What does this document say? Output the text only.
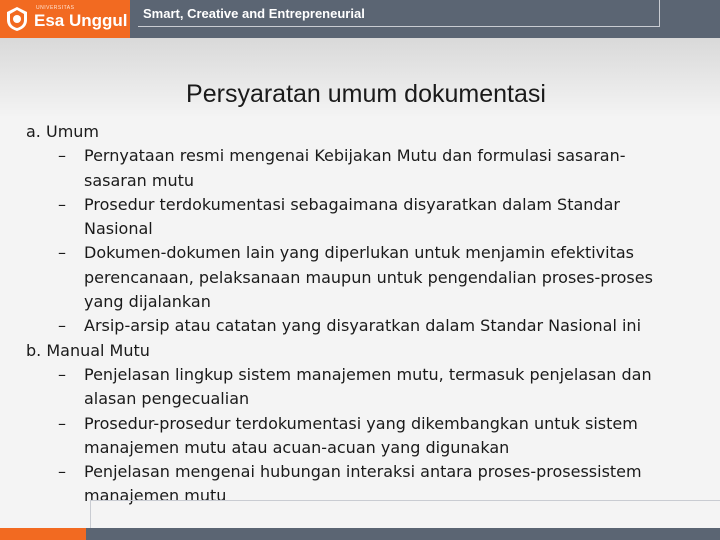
UNIVERSITAS
Esa Unggul Smart, Creative and Entrepreneurial
Persyaratan umum dokumentasi
a. Umum
– Pernyataan resmi mengenai Kebijakan Mutu dan formulasi sasaran-sasaran mutu
– Prosedur terdokumentasi sebagaimana disyaratkan dalam Standar Nasional
– Dokumen-dokumen lain yang diperlukan untuk menjamin efektivitas perencanaan, pelaksanaan maupun untuk pengendalian proses-proses yang dijalankan
– Arsip-arsip atau catatan yang disyaratkan dalam Standar Nasional ini
b. Manual Mutu
– Penjelasan lingkup sistem manajemen mutu, termasuk penjelasan dan alasan pengecualian
– Prosedur-prosedur terdokumentasi yang dikembangkan untuk sistem manajemen mutu atau acuan-acuan yang digunakan
– Penjelasan mengenai hubungan interaksi antara proses-prosessistem manajemen mutu
